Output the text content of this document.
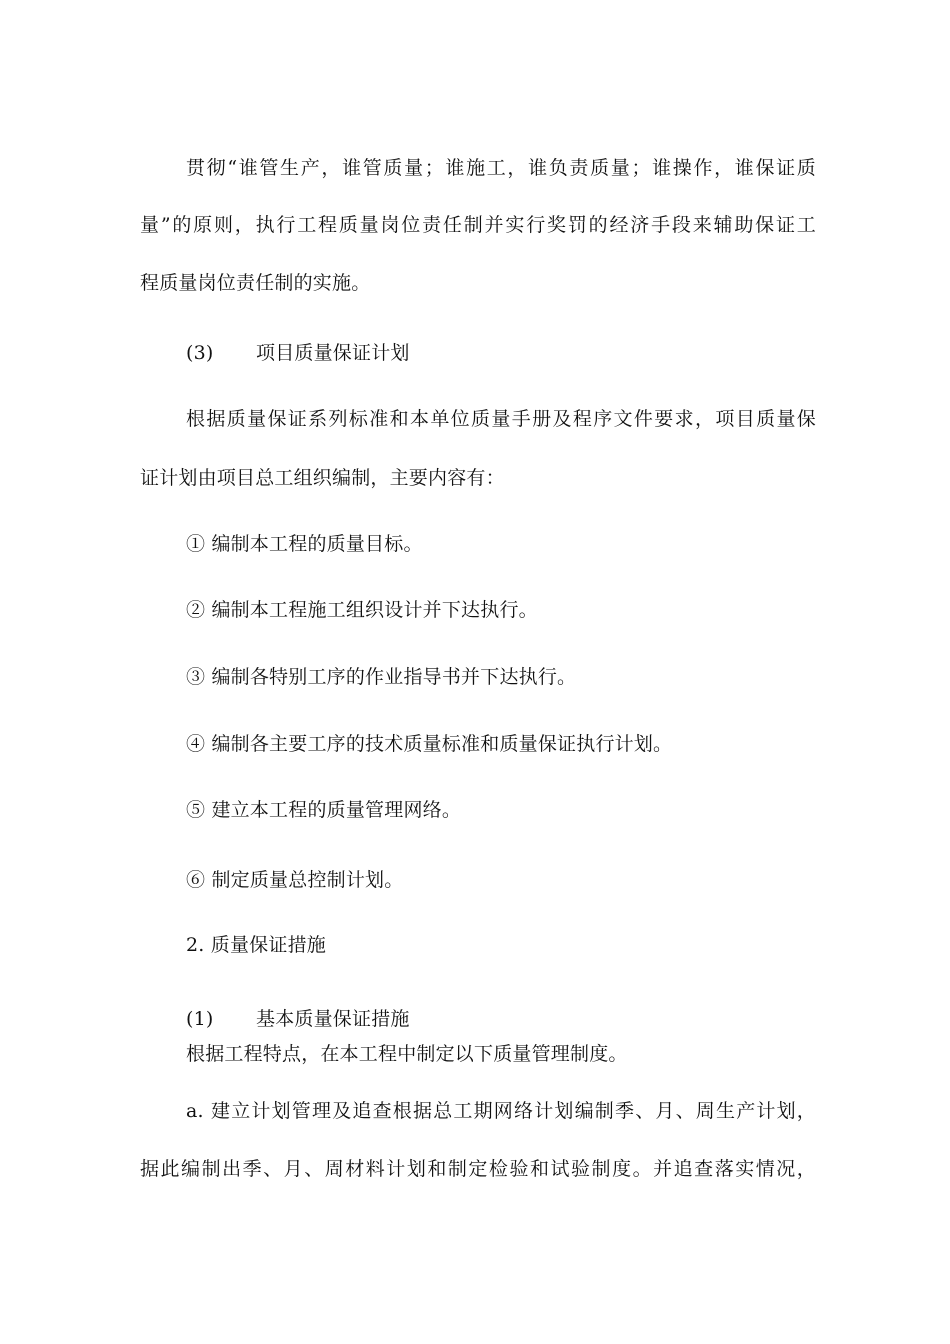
贯彻“谁管生产，谁管质量；谁施工，谁负责质量；谁操作，谁保证质
量”的原则，执行工程质量岗位责任制并实行奖罚的经济手段来辅助保证工
程质量岗位责任制的实施。
(3) 项目质量保证计划
根据质量保证系列标准和本单位质量手册及程序文件要求，项目质量保
证计划由项目总工组织编制，主要内容有：
① 编制本工程的质量目标。
② 编制本工程施工组织设计并下达执行。
③ 编制各特别工序的作业指导书并下达执行。
④ 编制各主要工序的技术质量标准和质量保证执行计划。
⑤ 建立本工程的质量管理网络。
⑥ 制定质量总控制计划。
2. 质量保证措施
(1) 基本质量保证措施
根据工程特点，在本工程中制定以下质量管理制度。
a. 建立计划管理及追查根据总工期网络计划编制季、月、周生产计划，
据此编制出季、月、周材料计划和制定检验和试验制度。并追查落实情况，
